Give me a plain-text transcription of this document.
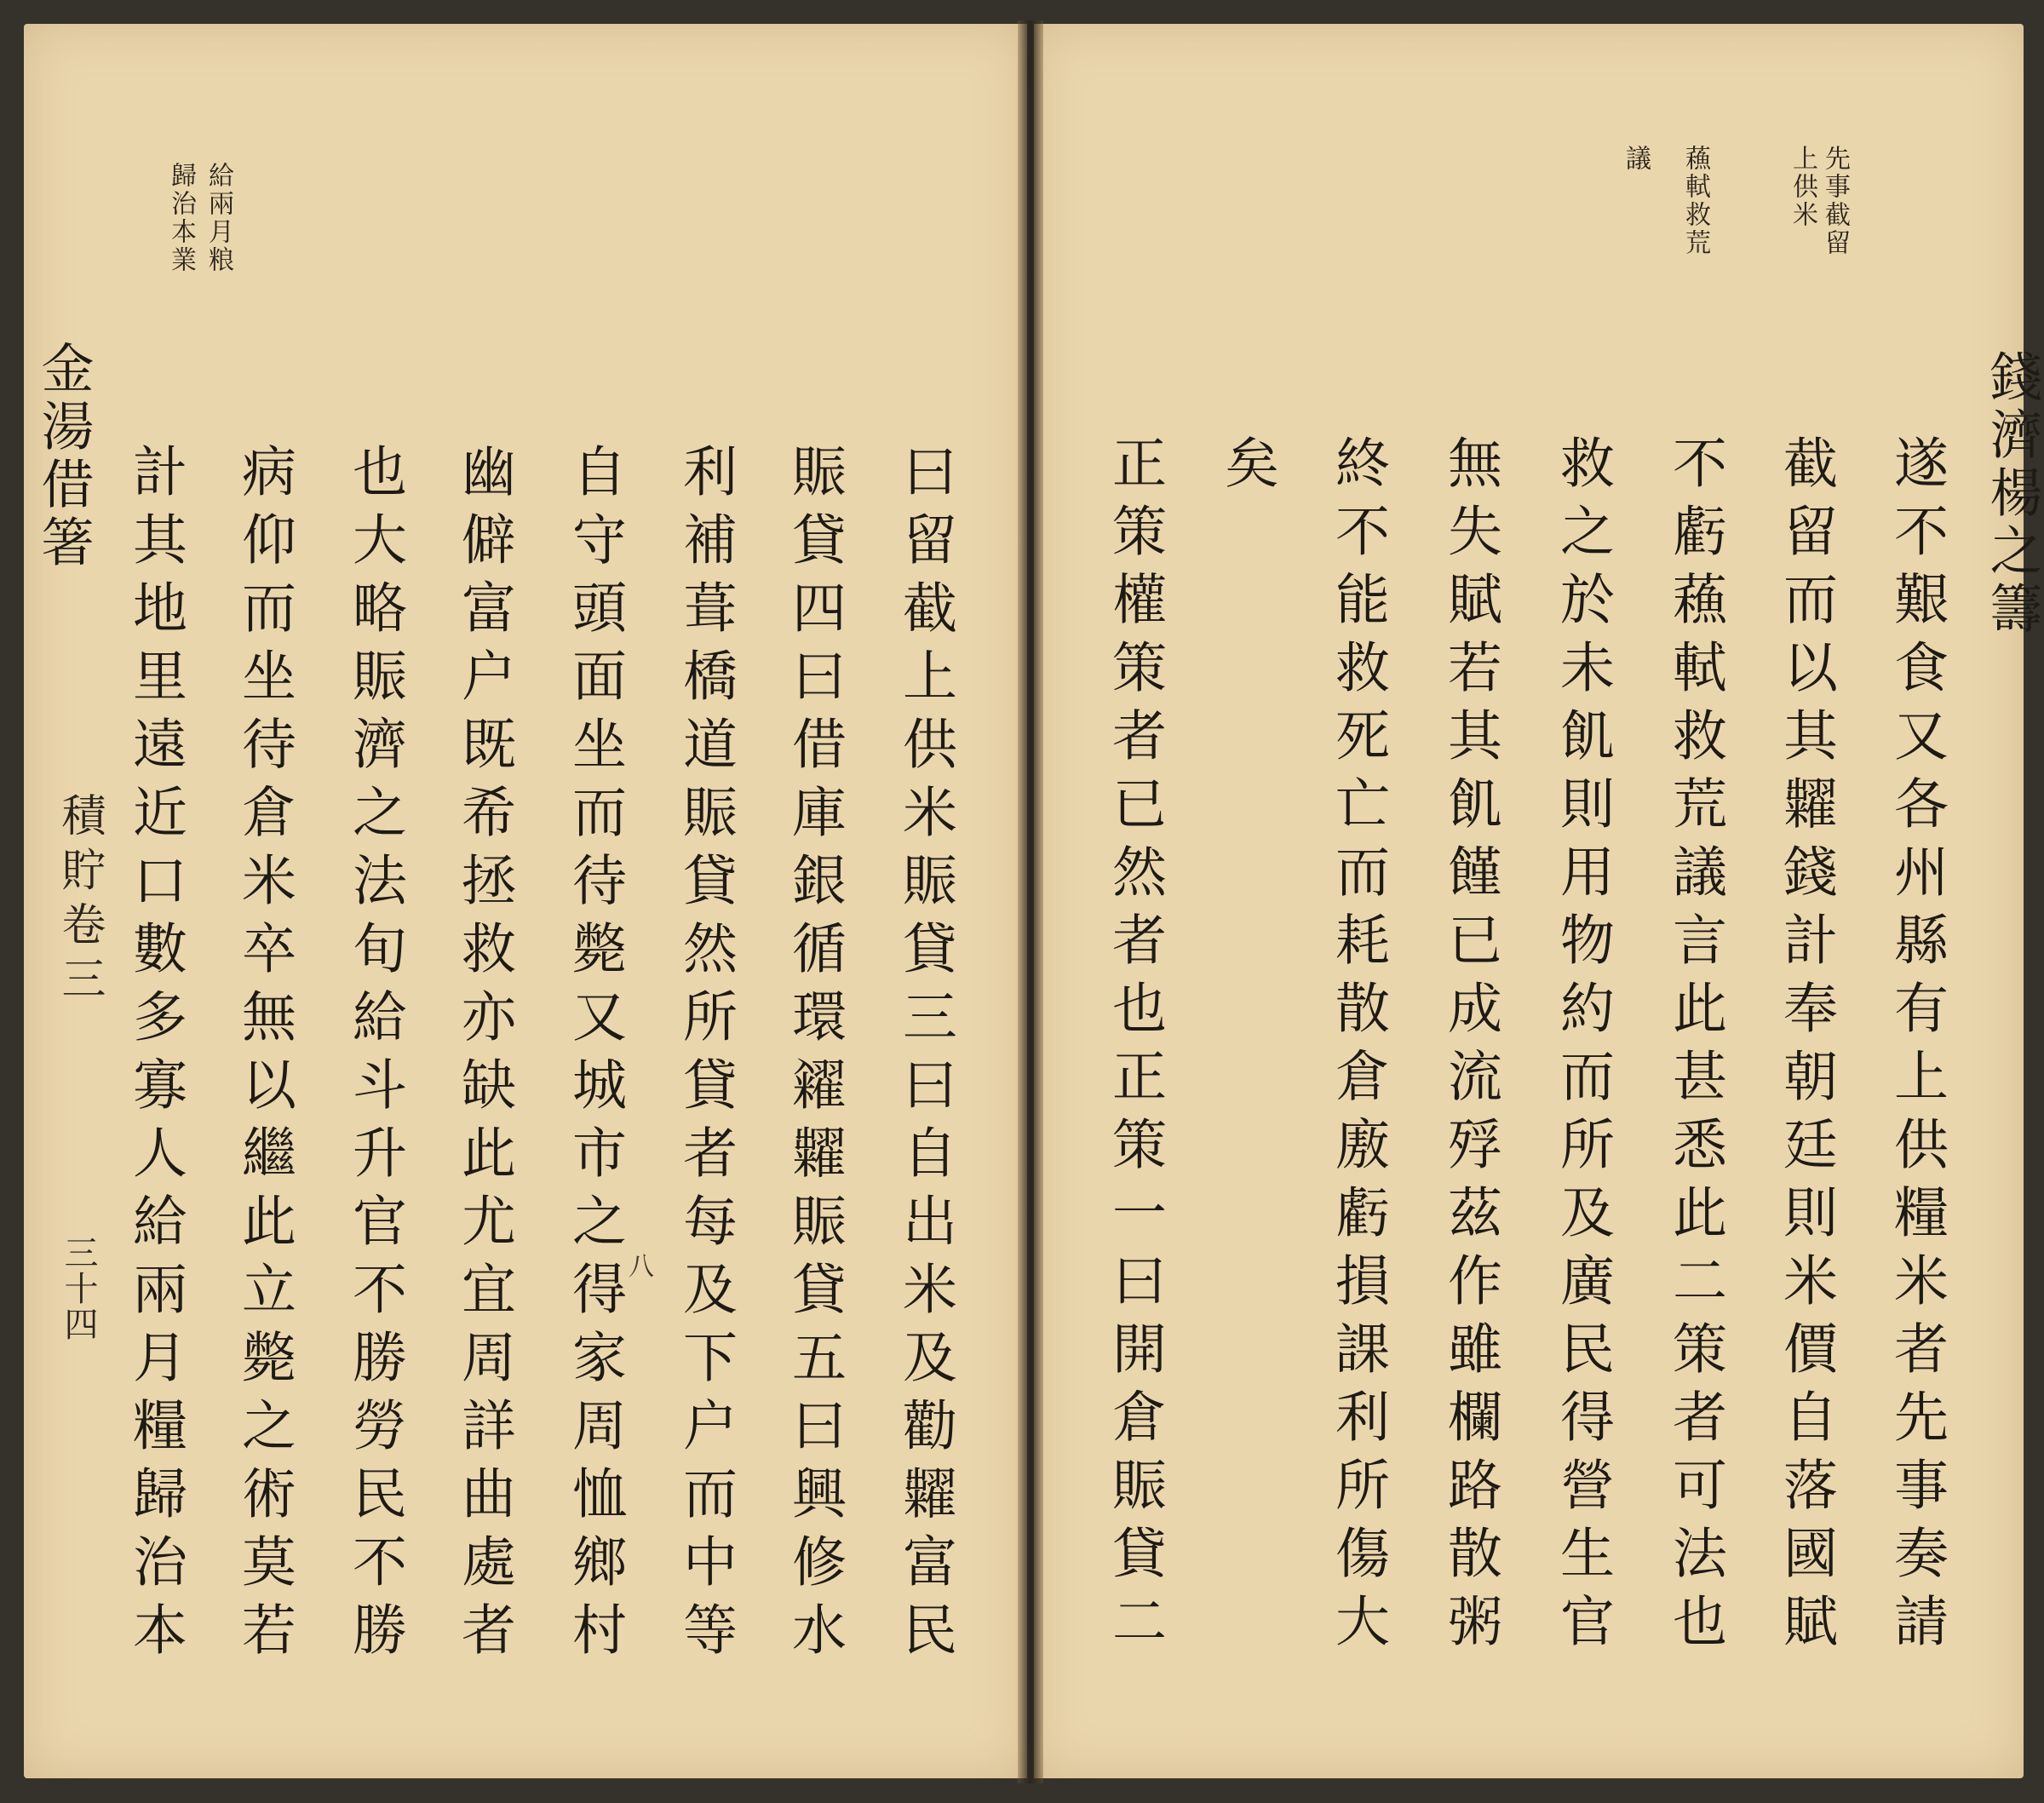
錢濟楊之籌
先事截留
上供米
蘓軾救荒
議
遂不艱食又各州縣有上供糧米者先事奏請
截留而以其糶錢計奉朝廷則米價自落國賦
不虧蘓軾救荒議言此甚悉此二策者可法也
救之於未飢則用物約而所及廣民得營生官
無失賦若其飢饉已成流殍茲作雖欄路散粥
終不能救死亡而耗散倉廒虧損課利所傷大
矣
正策權策者已然者也正策一曰開倉賑貸二
金湯借箸
積貯卷三
三十四
給兩月粮
歸治本業
曰留截上供米賑貸三曰自出米及勸糶富民
賑貸四曰借庫銀循環糴糶賑貸五曰興修水
利補葺橋道賑貸然所貸者每及下户而中等
自守頭面坐而待斃又城市之得家周恤鄉村
幽僻富户既希拯救亦缺此尤宜周詳曲處者
也大略賑濟之法旬給斗升官不勝勞民不勝
病仰而坐待倉米卒無以繼此立斃之術莫若
計其地里遠近口數多寡人給兩月糧歸治本	八
